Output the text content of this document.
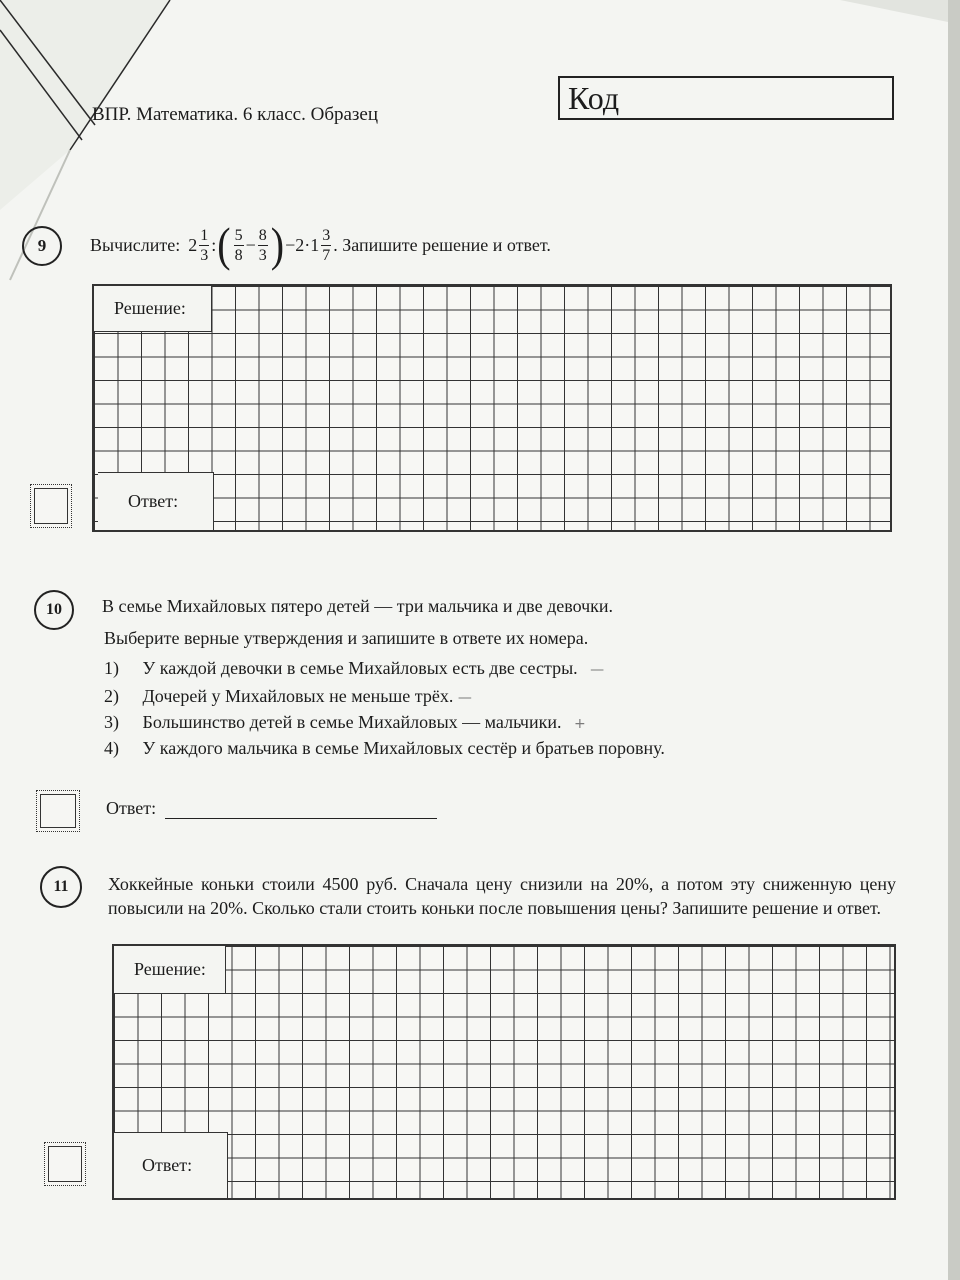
ВПР. Математика. 6 класс. Образец	Код
9	Вычислите: $2 \frac{1}{3}$ : ( $\frac{5}{8} - \frac{8}{3}$ ) $-2\cdot 1 \frac{3}{7}$ . Запишите решение и ответ.
Решение:
Ответ:
10	В семье Михайловых пятеро детей — три мальчика и две девочки.
Выберите верные утверждения и запишите в ответе их номера.
1) У каждой девочки в семье Михайловых есть две сестры. —
2) Дочерей у Михайловых не меньше трёх. —
3) Большинство детей в семье Михайловых — мальчики. +
4) У каждого мальчика в семье Михайловых сестёр и братьев поровну.
Ответ:
11	Хоккейные коньки стоили 4500 руб. Сначала цену снизили на 20%, а потом эту сниженную цену повысили на 20%. Сколько стали стоить коньки после повышения цены? Запишите решение и ответ.
Решение:
Ответ:
